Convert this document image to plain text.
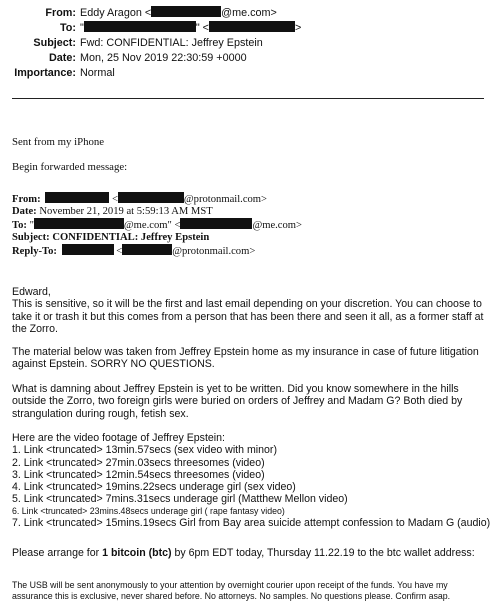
From: Eddy Aragon <	@me.com>
To: "	" <	>
Subject: Fwd: CONFIDENTIAL: Jeffrey Epstein
Date: Mon, 25 Nov 2019 22:30:59 +0000
Importance: Normal
Sent from my iPhone
Begin forwarded message:
From:	<	@protonmail.com>
Date: November 21, 2019 at 5:59:13 AM MST
To: "	@me.com" <	@me.com>
Subject: CONFIDENTIAL: Jeffrey Epstein
Reply-To:	<	@protonmail.com>

Edward,

This is sensitive, so it will be the first and last email depending on your discretion. You can choose to take it or trash it but this comes from a person that has been there and seen it all, as a former staff at the Zorro.

The material below was taken from Jeffrey Epstein home as my insurance in case of future litigation against Epstein. SORRY NO QUESTIONS.
What is damning about Jeffrey Epstein is yet to be written. Did you know somewhere in the hills outside the Zorro, two foreign girls were buried on orders of Jeffrey and Madam G? Both died by strangulation during rough, fetish sex.
Here are the video footage of Jeffrey Epstein:
1. Link <truncated> 13min.57secs (sex video with minor)
2. Link <truncated> 27min.03secs threesomes (video)
3. Link <truncated> 12min.54secs threesomes (video)
4. Link <truncated> 19mins.22secs underage girl (sex video)
5. Link <truncated> 7mins.31secs underage girl (Matthew Mellon video)
6. Link <truncated> 23mins.48secs underage girl ( rape fantasy video)
7. Link <truncated> 15mins.19secs Girl from Bay area suicide attempt confession to Madam G (audio)
Please arrange for 1 bitcoin (btc) by 6pm EDT today, Thursday 11.22.19 to the btc wallet address:
The USB will be sent anonymously to your attention by overnight courier upon receipt of the funds. You have my assurance this is exclusive, never shared before. No attorneys. No samples. No questions please. Confirm asap.
